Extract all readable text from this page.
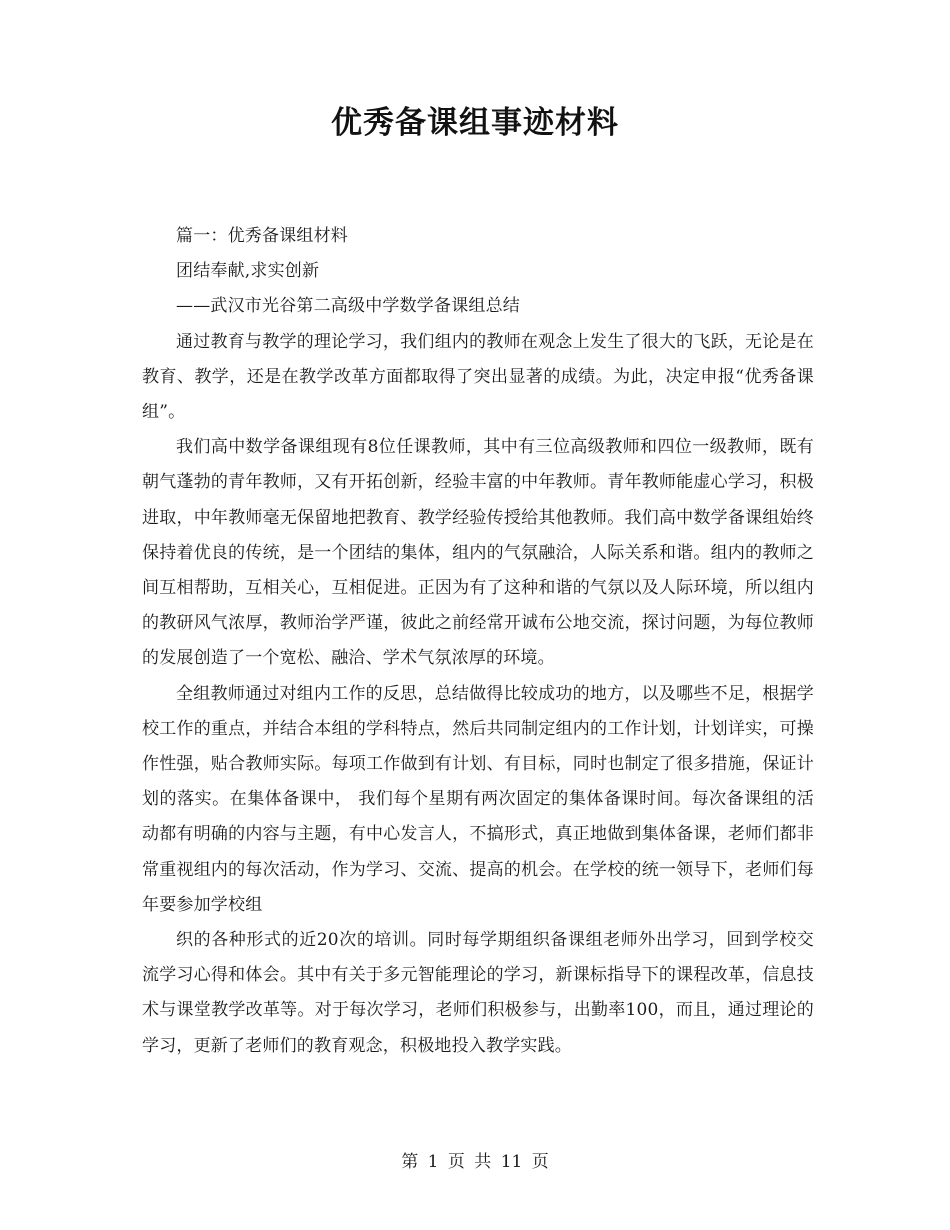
优秀备课组事迹材料

篇一：优秀备课组材料

团结奉献,求实创新

——武汉市光谷第二高级中学数学备课组总结

通过教育与教学的理论学习，我们组内的教师在观念上发生了很大的飞跃，无论是在教育、教学，还是在教学改革方面都取得了突出显著的成绩。为此，决定申报“优秀备课组”。

我们高中数学备课组现有8位任课教师，其中有三位高级教师和四位一级教师，既有朝气蓬勃的青年教师，又有开拓创新，经验丰富的中年教师。青年教师能虚心学习，积极进取，中年教师毫无保留地把教育、教学经验传授给其他教师。我们高中数学备课组始终保持着优良的传统，是一个团结的集体，组内的气氛融洽，人际关系和谐。组内的教师之间互相帮助，互相关心，互相促进。正因为有了这种和谐的气氛以及人际环境，所以组内的教研风气浓厚，教师治学严谨，彼此之前经常开诚布公地交流，探讨问题，为每位教师的发展创造了一个宽松、融洽、学术气氛浓厚的环境。

全组教师通过对组内工作的反思，总结做得比较成功的地方，以及哪些不足，根据学校工作的重点，并结合本组的学科特点，然后共同制定组内的工作计划，计划详实，可操作性强，贴合教师实际。每项工作做到有计划、有目标，同时也制定了很多措施，保证计划的落实。在集体备课中， 我们每个星期有两次固定的集体备课时间。每次备课组的活动都有明确的内容与主题，有中心发言人，不搞形式，真正地做到集体备课，老师们都非常重视组内的每次活动，作为学习、交流、提高的机会。在学校的统一领导下，老师们每年要参加学校组

织的各种形式的近20次的培训。同时每学期组织备课组老师外出学习，回到学校交流学习心得和体会。其中有关于多元智能理论的学习，新课标指导下的课程改革，信息技术与课堂教学改革等。对于每次学习，老师们积极参与，出勤率100，而且，通过理论的学习，更新了老师们的教育观念，积极地投入教学实践。

第 1 页 共 11 页
